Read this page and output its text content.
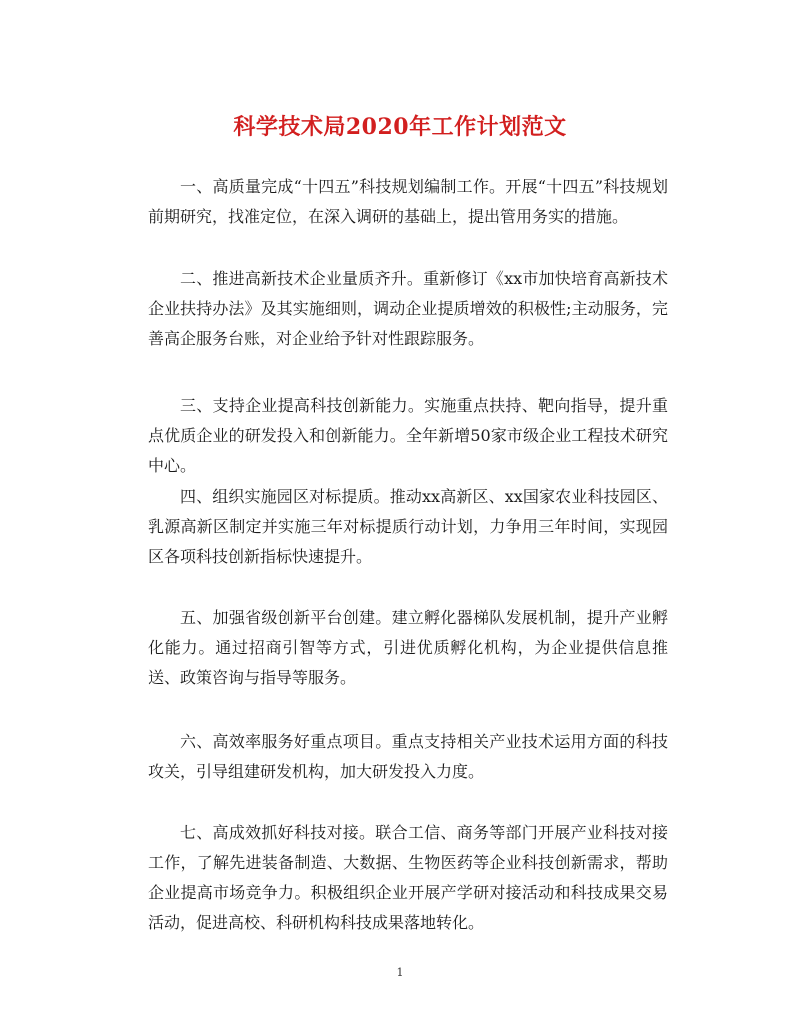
科学技术局2020年工作计划范文
一、高质量完成“十四五”科技规划编制工作。开展“十四五”科技规划前期研究，找准定位，在深入调研的基础上，提出管用务实的措施。
二、推进高新技术企业量质齐升。重新修订《xx市加快培育高新技术企业扶持办法》及其实施细则，调动企业提质增效的积极性;主动服务，完善高企服务台账，对企业给予针对性跟踪服务。
三、支持企业提高科技创新能力。实施重点扶持、靶向指导，提升重点优质企业的研发投入和创新能力。全年新增50家市级企业工程技术研究中心。
四、组织实施园区对标提质。推动xx高新区、xx国家农业科技园区、乳源高新区制定并实施三年对标提质行动计划，力争用三年时间，实现园区各项科技创新指标快速提升。
五、加强省级创新平台创建。建立孵化器梯队发展机制，提升产业孵化能力。通过招商引智等方式，引进优质孵化机构，为企业提供信息推送、政策咨询与指导等服务。
六、高效率服务好重点项目。重点支持相关产业技术运用方面的科技攻关，引导组建研发机构，加大研发投入力度。
七、高成效抓好科技对接。联合工信、商务等部门开展产业科技对接工作，了解先进装备制造、大数据、生物医药等企业科技创新需求，帮助企业提高市场竞争力。积极组织企业开展产学研对接活动和科技成果交易活动，促进高校、科研机构科技成果落地转化。
1
